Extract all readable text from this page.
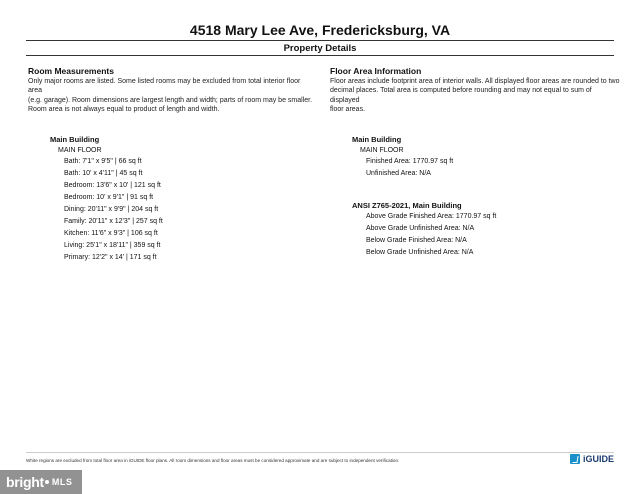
4518 Mary Lee Ave, Fredericksburg, VA
Property Details
Room Measurements
Only major rooms are listed. Some listed rooms may be excluded from total interior floor area
(e.g. garage). Room dimensions are largest length and width; parts of room may be smaller.
Room area is not always equal to product of length and width.
Main Building
MAIN FLOOR
Bath: 7'1" x 9'5" | 66 sq ft
Bath: 10' x 4'11" | 45 sq ft
Bedroom: 13'6" x 10' | 121 sq ft
Bedroom: 10' x 9'1" | 91 sq ft
Dining: 20'11" x 9'9" | 204 sq ft
Family: 20'11" x 12'3" | 257 sq ft
Kitchen: 11'6" x 9'3" | 106 sq ft
Living: 25'1" x 18'11" | 359 sq ft
Primary: 12'2" x 14' | 171 sq ft
Floor Area Information
Floor areas include footprint area of interior walls. All displayed floor areas are rounded to two
decimal places. Total area is computed before rounding and may not equal to sum of displayed
floor areas.
Main Building
MAIN FLOOR
Finished Area: 1770.97 sq ft
Unfinished Area: N/A
ANSI Z765-2021, Main Building
Above Grade Finished Area: 1770.97 sq ft
Above Grade Unfinished Area: N/A
Below Grade Finished Area: N/A
Below Grade Unfinished Area: N/A
White regions are excluded from total floor area in iGUIDE floor plans. All room dimensions and floor areas must be considered approximate and are subject to independent verification.	iGUIDE
bright MLS
